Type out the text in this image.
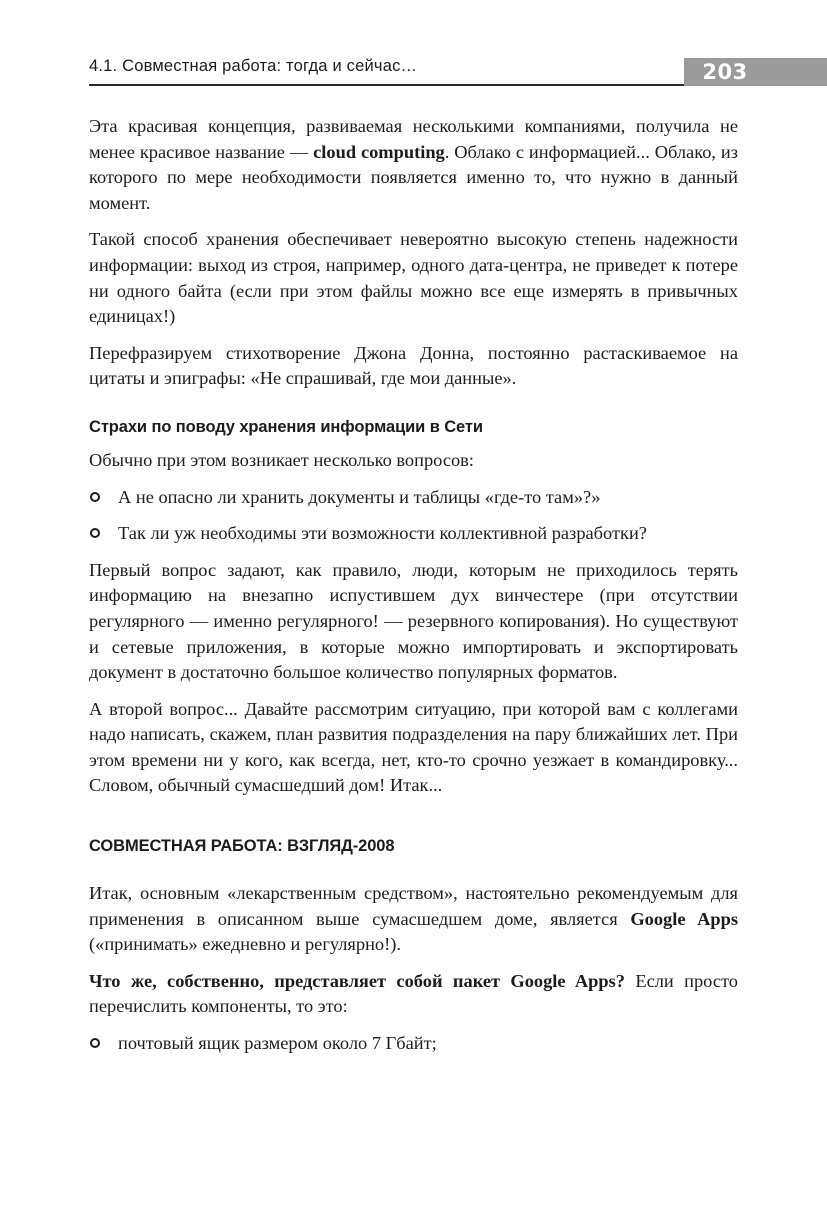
4.1. Совместная работа: тогда и сейчас…	203

Эта красивая концепция, развиваемая несколькими компаниями, получила не менее красивое название — cloud computing. Облако с информацией... Облако, из которого по мере необходимости появляется именно то, что нужно в данный момент.

Такой способ хранения обеспечивает невероятно высокую степень надежности информации: выход из строя, например, одного дата-центра, не приведет к потере ни одного байта (если при этом файлы можно все еще измерять в привычных единицах!)

Перефразируем стихотворение Джона Донна, постоянно растаскиваемое на цитаты и эпиграфы: «Не спрашивай, где мои данные».

Страхи по поводу хранения информации в Сети

Обычно при этом возникает несколько вопросов:

А не опасно ли хранить документы и таблицы «где-то там»?»
Так ли уж необходимы эти возможности коллективной разработки?

Первый вопрос задают, как правило, люди, которым не приходилось терять информацию на внезапно испустившем дух винчестере (при отсутствии регулярного — именно регулярного! — резервного копирования). Но существуют и сетевые приложения, в которые можно импортировать и экспортировать документ в достаточно большое количество популярных форматов.

А второй вопрос... Давайте рассмотрим ситуацию, при которой вам с коллегами надо написать, скажем, план развития подразделения на пару ближайших лет. При этом времени ни у кого, как всегда, нет, кто-то срочно уезжает в командировку... Словом, обычный сумасшедший дом! Итак...

СОВМЕСТНАЯ РАБОТА: ВЗГЛЯД-2008

Итак, основным «лекарственным средством», настоятельно рекомендуемым для применения в описанном выше сумасшедшем доме, является Google Apps («принимать» ежедневно и регулярно!).

Что же, собственно, представляет собой пакет Google Apps? Если просто перечислить компоненты, то это:

почтовый ящик размером около 7 Гбайт;
